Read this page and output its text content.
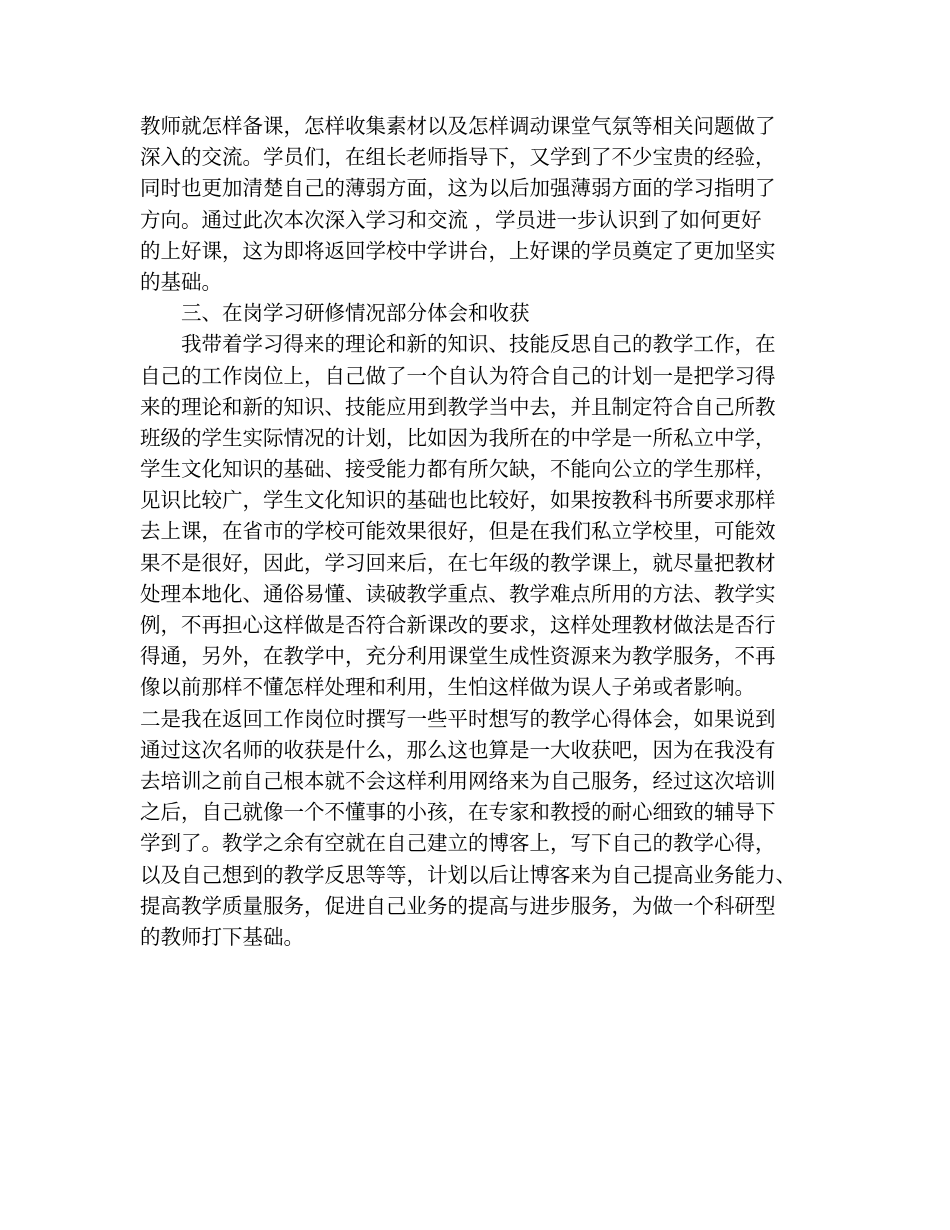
教师就怎样备课，怎样收集素材以及怎样调动课堂气氛等相关问题做了
深入的交流。学员们，在组长老师指导下，又学到了不少宝贵的经验，
同时也更加清楚自己的薄弱方面，这为以后加强薄弱方面的学习指明了
方向。通过此次本次深入学习和交流 ，学员进一步认识到了如何更好
的上好课，这为即将返回学校中学讲台，上好课的学员奠定了更加坚实
的基础。
三、在岗学习研修情况部分体会和收获
我带着学习得来的理论和新的知识、技能反思自己的教学工作，在
自己的工作岗位上，自己做了一个自认为符合自己的计划一是把学习得
来的理论和新的知识、技能应用到教学当中去，并且制定符合自己所教
班级的学生实际情况的计划，比如因为我所在的中学是一所私立中学，
学生文化知识的基础、接受能力都有所欠缺，不能向公立的学生那样，
见识比较广，学生文化知识的基础也比较好，如果按教科书所要求那样
去上课，在省市的学校可能效果很好，但是在我们私立学校里，可能效
果不是很好，因此，学习回来后，在七年级的教学课上，就尽量把教材
处理本地化、通俗易懂、读破教学重点、教学难点所用的方法、教学实
例，不再担心这样做是否符合新课改的要求，这样处理教材做法是否行
得通，另外，在教学中，充分利用课堂生成性资源来为教学服务，不再
像以前那样不懂怎样处理和利用，生怕这样做为误人子弟或者影响。
二是我在返回工作岗位时撰写一些平时想写的教学心得体会，如果说到
通过这次名师的收获是什么，那么这也算是一大收获吧，因为在我没有
去培训之前自己根本就不会这样利用网络来为自己服务，经过这次培训
之后，自己就像一个不懂事的小孩，在专家和教授的耐心细致的辅导下
学到了。教学之余有空就在自己建立的博客上，写下自己的教学心得，
以及自己想到的教学反思等等，计划以后让博客来为自己提高业务能力、
提高教学质量服务，促进自己业务的提高与进步服务，为做一个科研型
的教师打下基础。
